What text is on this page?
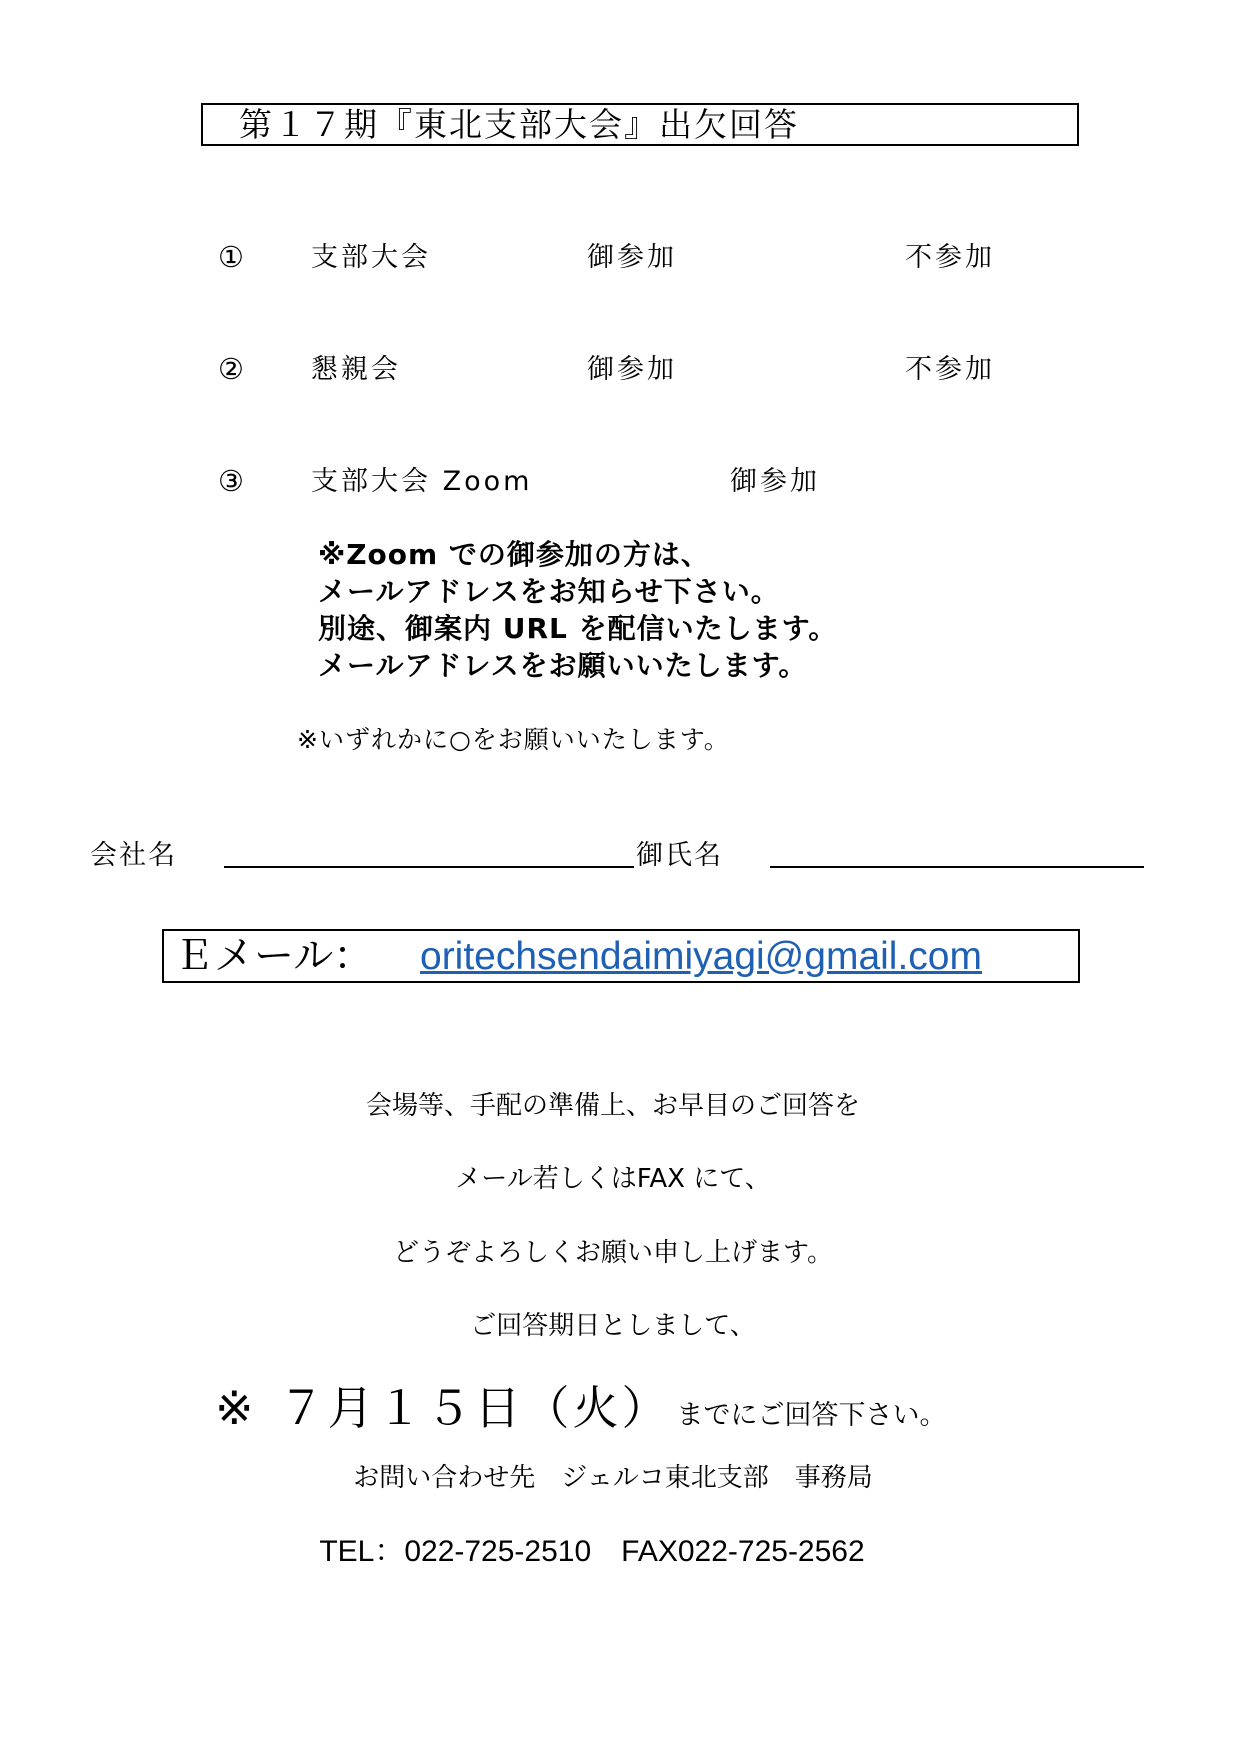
第１７期『東北支部大会』出欠回答
① 支部大会	御参加	不参加
② 懇親会	御参加	不参加
③ 支部大会 Zoom	御参加
※Zoom での御参加の方は、
メールアドレスをお知らせ下さい。
別途、御案内 URL を配信いたします。
メールアドレスをお願いいたします。
※いずれかに○をお願いいたします。
会社名	御氏名
Ｅメール： oritechsendaimiyagi@gmail.com
会場等、手配の準備上、お早目のご回答を
メール若しくはFAX にて、
どうぞよろしくお願い申し上げます。
ご回答期日としまして、
※ ７月１５日（火） までにご回答下さい。
お問い合わせ先　ジェルコ東北支部　事務局
TEL：022-725-2510　FAX022-725-2562
